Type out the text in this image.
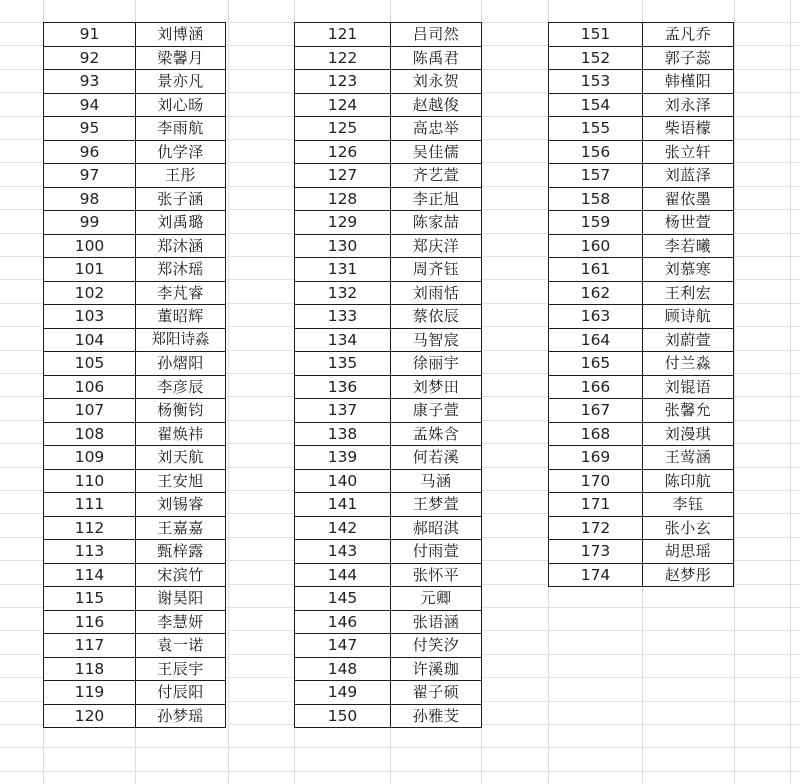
91	刘博涵
92	梁馨月
93	景亦凡
94	刘心旸
95	李雨航
96	仇学泽
97	王彤
98	张子涵
99	刘禹璐
100	郑沐涵
101	郑沐瑶
102	李芃睿
103	董昭辉
104	郑阳诗淼
105	孙熠阳
106	李彦辰
107	杨衡钧
108	翟焕祎
109	刘天航
110	王安旭
111	刘锡睿
112	王嘉嘉
113	甄梓露
114	宋滨竹
115	谢昊阳
116	李慧妍
117	袁一诺
118	王辰宇
119	付辰阳
120	孙梦瑶
121	吕司然
122	陈禹君
123	刘永贺
124	赵越俊
125	高忠举
126	吴佳儒
127	齐艺萱
128	李正旭
129	陈家喆
130	郑庆洋
131	周齐钰
132	刘雨恬
133	蔡依辰
134	马智宸
135	徐丽宇
136	刘梦田
137	康子萱
138	孟姝含
139	何若溪
140	马涵
141	王梦萱
142	郝昭淇
143	付雨萱
144	张怀平
145	元卿
146	张语涵
147	付笑汐
148	许溪珈
149	翟子硕
150	孙雅芠
151	孟凡乔
152	郭子蕊
153	韩槿阳
154	刘永泽
155	柴语檬
156	张立轩
157	刘蓝泽
158	翟依墨
159	杨世萱
160	李若曦
161	刘慕寒
162	王利宏
163	顾诗航
164	刘蔚萱
165	付兰淼
166	刘锟语
167	张馨允
168	刘漫琪
169	王莺涵
170	陈印航
171	李钰
172	张小玄
173	胡思瑶
174	赵梦彤
